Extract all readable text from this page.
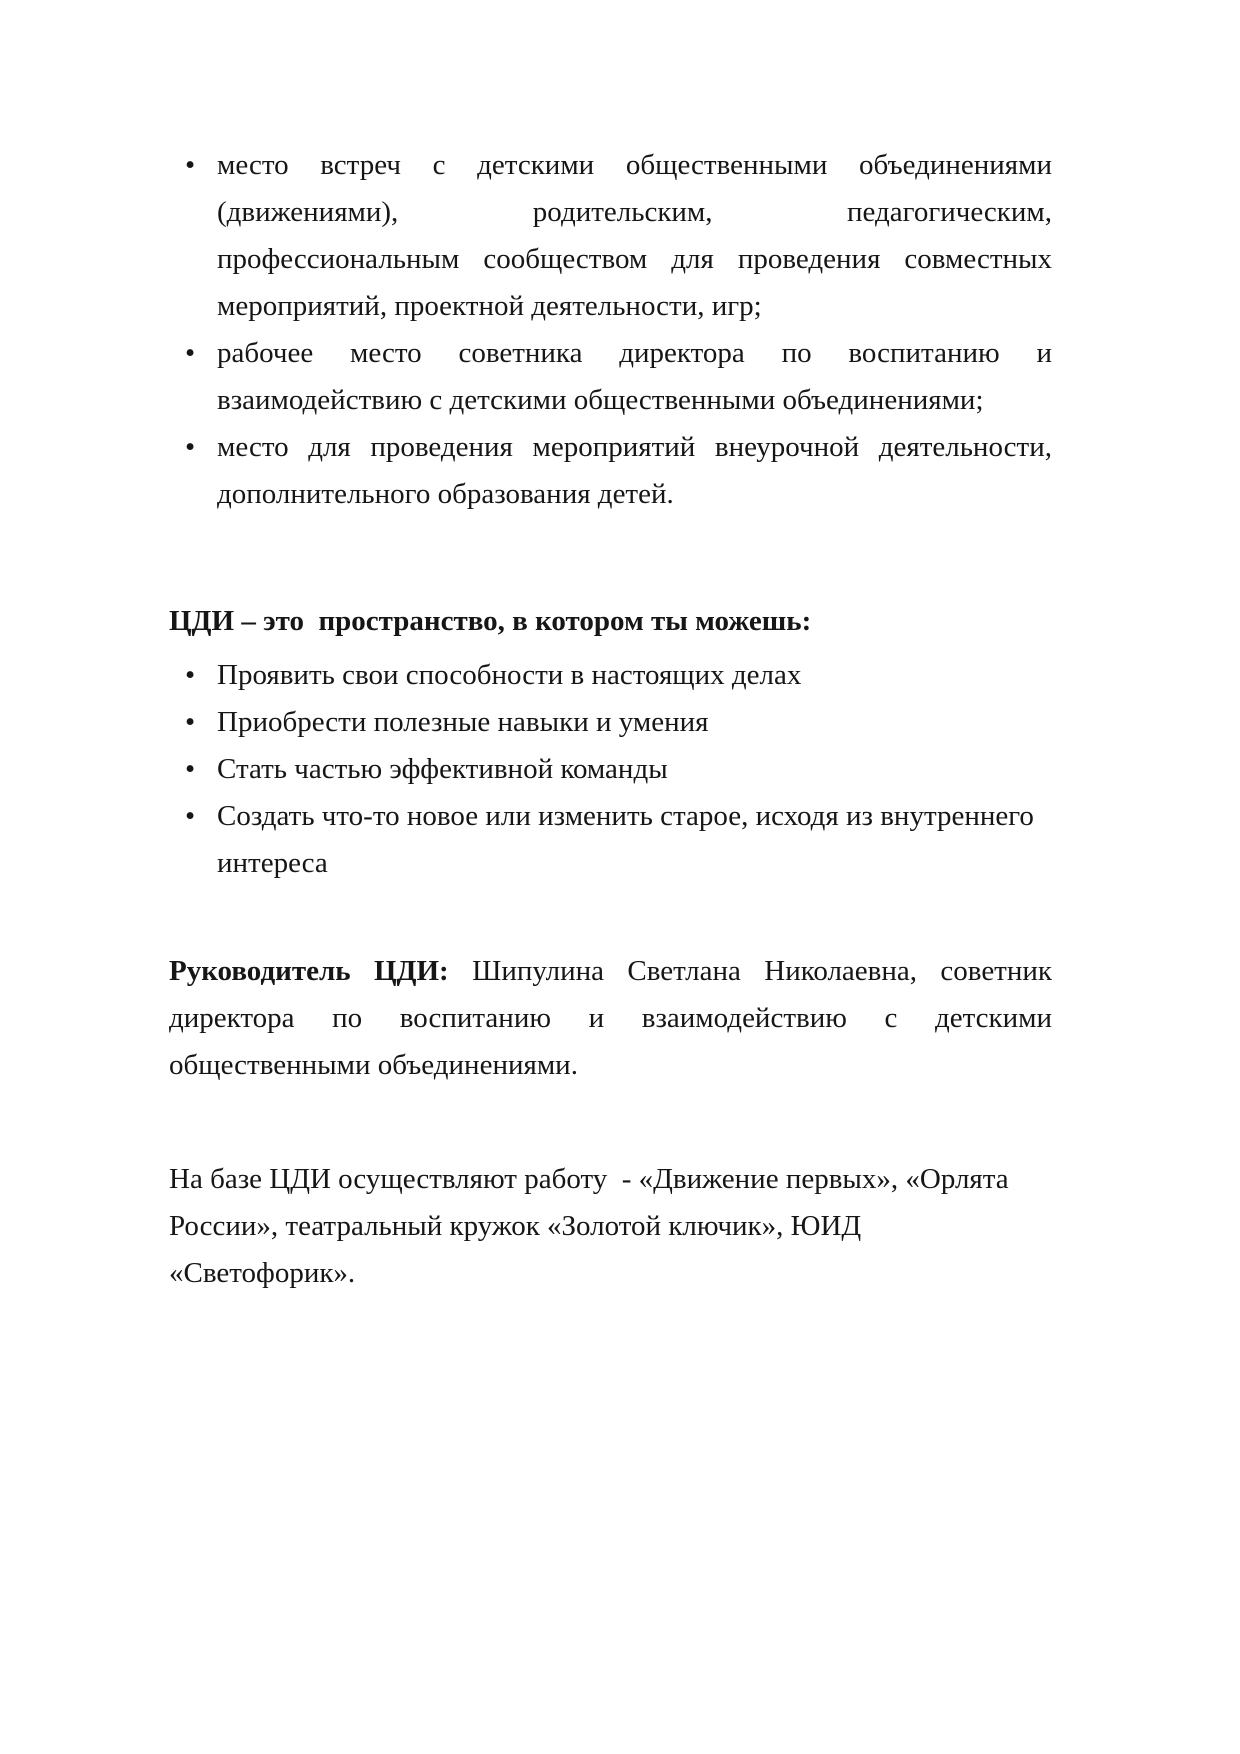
• место встреч с детскими общественными объединениями
(движениями), родительским, педагогическим,
профессиональным сообществом для проведения совместных
мероприятий, проектной деятельности, игр;
• рабочее место советника директора по воспитанию и
взаимодействию с детскими общественными объединениями;
• место для проведения мероприятий внеурочной деятельности,
дополнительного образования детей.
ЦДИ – это  пространство, в котором ты можешь:
• Проявить свои способности в настоящих делах
• Приобрести полезные навыки и умения
• Стать частью эффективной команды
• Создать что-то новое или изменить старое, исходя из внутреннего
интереса
Руководитель ЦДИ: Шипулина Светлана Николаевна, советник
директора по воспитанию и взаимодействию с детскими
общественными объединениями.
На базе ЦДИ осуществляют работу  - «Движение первых», «Орлята
России», театральный кружок «Золотой ключик», ЮИД
«Светофорик».
